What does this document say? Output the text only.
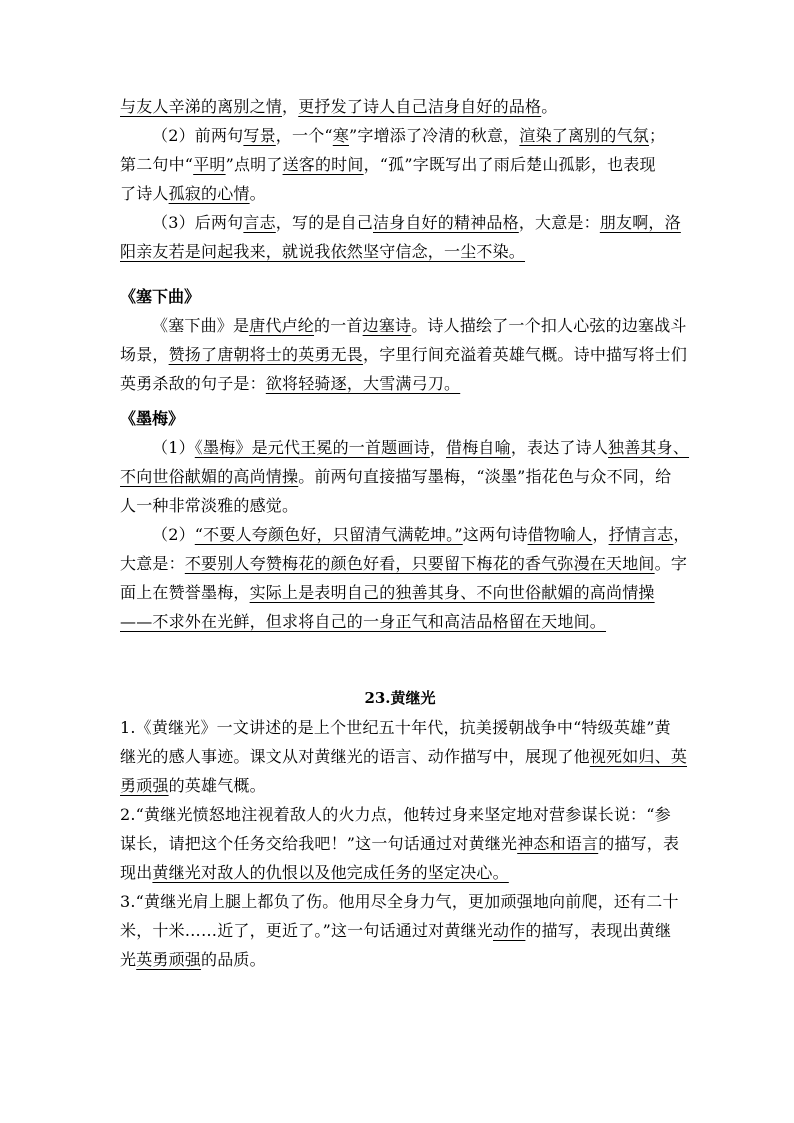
与友人辛涕的离别之情，更抒发了诗人自己洁身自好的品格。
（2）前两句写景，一个“寒”字增添了冷清的秋意，渲染了离别的气氛；
第二句中“平明”点明了送客的时间，“孤”字既写出了雨后楚山孤影，也表现
了诗人孤寂的心情。
（3）后两句言志，写的是自己洁身自好的精神品格，大意是：朋友啊，洛
阳亲友若是问起我来，就说我依然坚守信念，一尘不染。
《塞下曲》
《塞下曲》是唐代卢纶的一首边塞诗。诗人描绘了一个扣人心弦的边塞战斗
场景，赞扬了唐朝将士的英勇无畏，字里行间充溢着英雄气概。诗中描写将士们
英勇杀敌的句子是：欲将轻骑逐，大雪满弓刀。
《墨梅》
（1）《墨梅》是元代王冕的一首题画诗，借梅自喻，表达了诗人独善其身、
不向世俗献媚的高尚情操。前两句直接描写墨梅，“淡墨”指花色与众不同，给
人一种非常淡雅的感觉。
（2）“不要人夸颜色好，只留清气满乾坤。”这两句诗借物喻人，抒情言志，
大意是：不要别人夸赞梅花的颜色好看，只要留下梅花的香气弥漫在天地间。字
面上在赞誉墨梅，实际上是表明自己的独善其身、不向世俗献媚的高尚情操
——不求外在光鲜，但求将自己的一身正气和高洁品格留在天地间。
23.黄继光
1.《黄继光》一文讲述的是上个世纪五十年代，抗美援朝战争中“特级英雄”黄
继光的感人事迹。课文从对黄继光的语言、动作描写中，展现了他视死如归、英
勇顽强的英雄气概。
2.“黄继光愤怒地注视着敌人的火力点，他转过身来坚定地对营参谋长说：“参
谋长，请把这个任务交给我吧！”这一句话通过对黄继光神态和语言的描写，表
现出黄继光对敌人的仇恨以及他完成任务的坚定决心。
3.“黄继光肩上腿上都负了伤。他用尽全身力气，更加顽强地向前爬，还有二十
米，十米……近了，更近了。”这一句话通过对黄继光动作的描写，表现出黄继
光英勇顽强的品质。
